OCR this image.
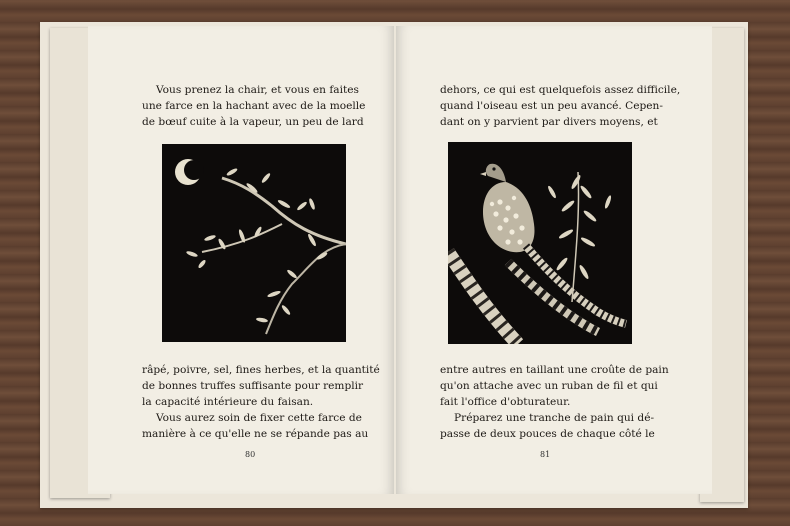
Vous prenez la chair, et vous en faites
une farce en la hachant avec de la moelle
de bœuf cuite à la vapeur, un peu de lard
râpé, poivre, sel, fines herbes, et la quantité
de bonnes truffes suffisante pour remplir
la capacité intérieure du faisan.
Vous aurez soin de fixer cette farce de
manière à ce qu'elle ne se répande pas au
80
dehors, ce qui est quelquefois assez difficile,
quand l'oiseau est un peu avancé. Cepen-
dant on y parvient par divers moyens, et
entre autres en taillant une croûte de pain
qu'on attache avec un ruban de fil et qui
fait l'office d'obturateur.
Préparez une tranche de pain qui dé-
passe de deux pouces de chaque côté le
81
